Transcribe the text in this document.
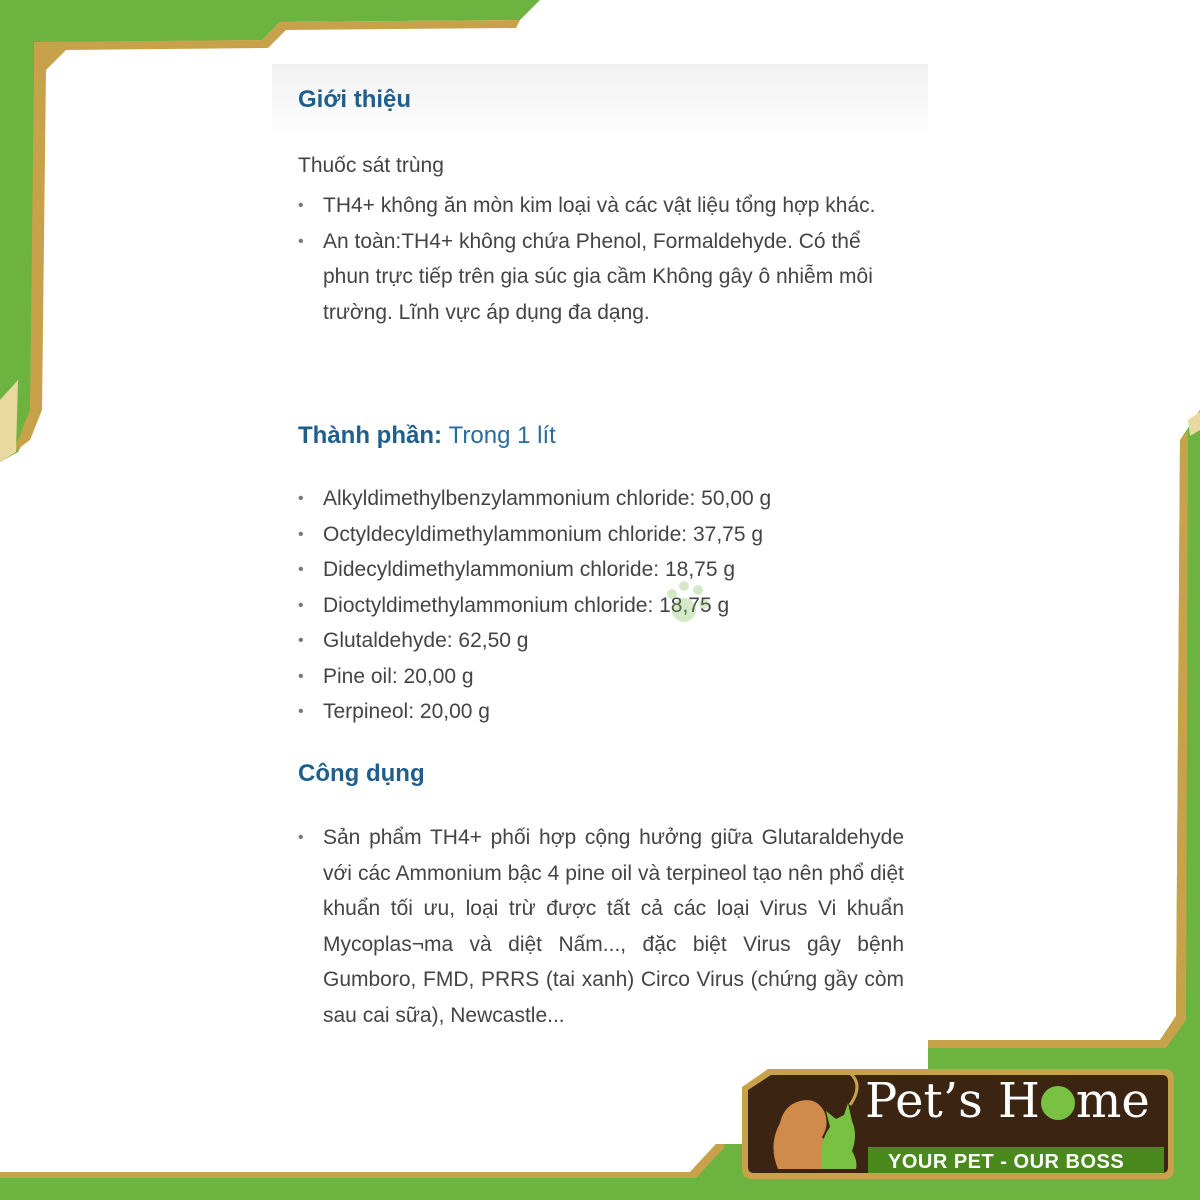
Giới thiệu

Thuốc sát trùng

• TH4+ không ăn mòn kim loại và các vật liệu tổng hợp khác.
• An toàn:TH4+ không chứa Phenol, Formaldehyde. Có thể phun trực tiếp trên gia súc gia cầm Không gây ô nhiễm môi trường. Lĩnh vực áp dụng đa dạng.
Thành phần: Trong 1 lít
• Alkyldimethylbenzylammonium chloride: 50,00 g
• Octyldecyldimethylammonium chloride: 37,75 g
• Didecyldimethylammonium chloride: 18,75 g
• Dioctyldimethylammonium chloride: 18,75 g
• Glutaldehyde: 62,50 g
• Pine oil: 20,00 g
• Terpineol: 20,00 g
Công dụng
• Sản phẩm TH4+ phối hợp cộng hưởng giữa Glutaraldehyde với các Ammonium bậc 4 pine oil và terpineol tạo nên phổ diệt khuẩn tối ưu, loại trừ được tất cả các loại Virus Vi khuẩn Mycoplas¬ma và diệt Nấm..., đặc biệt Virus gây bệnh Gumboro, FMD, PRRS (tai xanh) Circo Virus (chứng gầy còm sau cai sữa), Newcastle...
Pet’s H me
YOUR PET - OUR BOSS
